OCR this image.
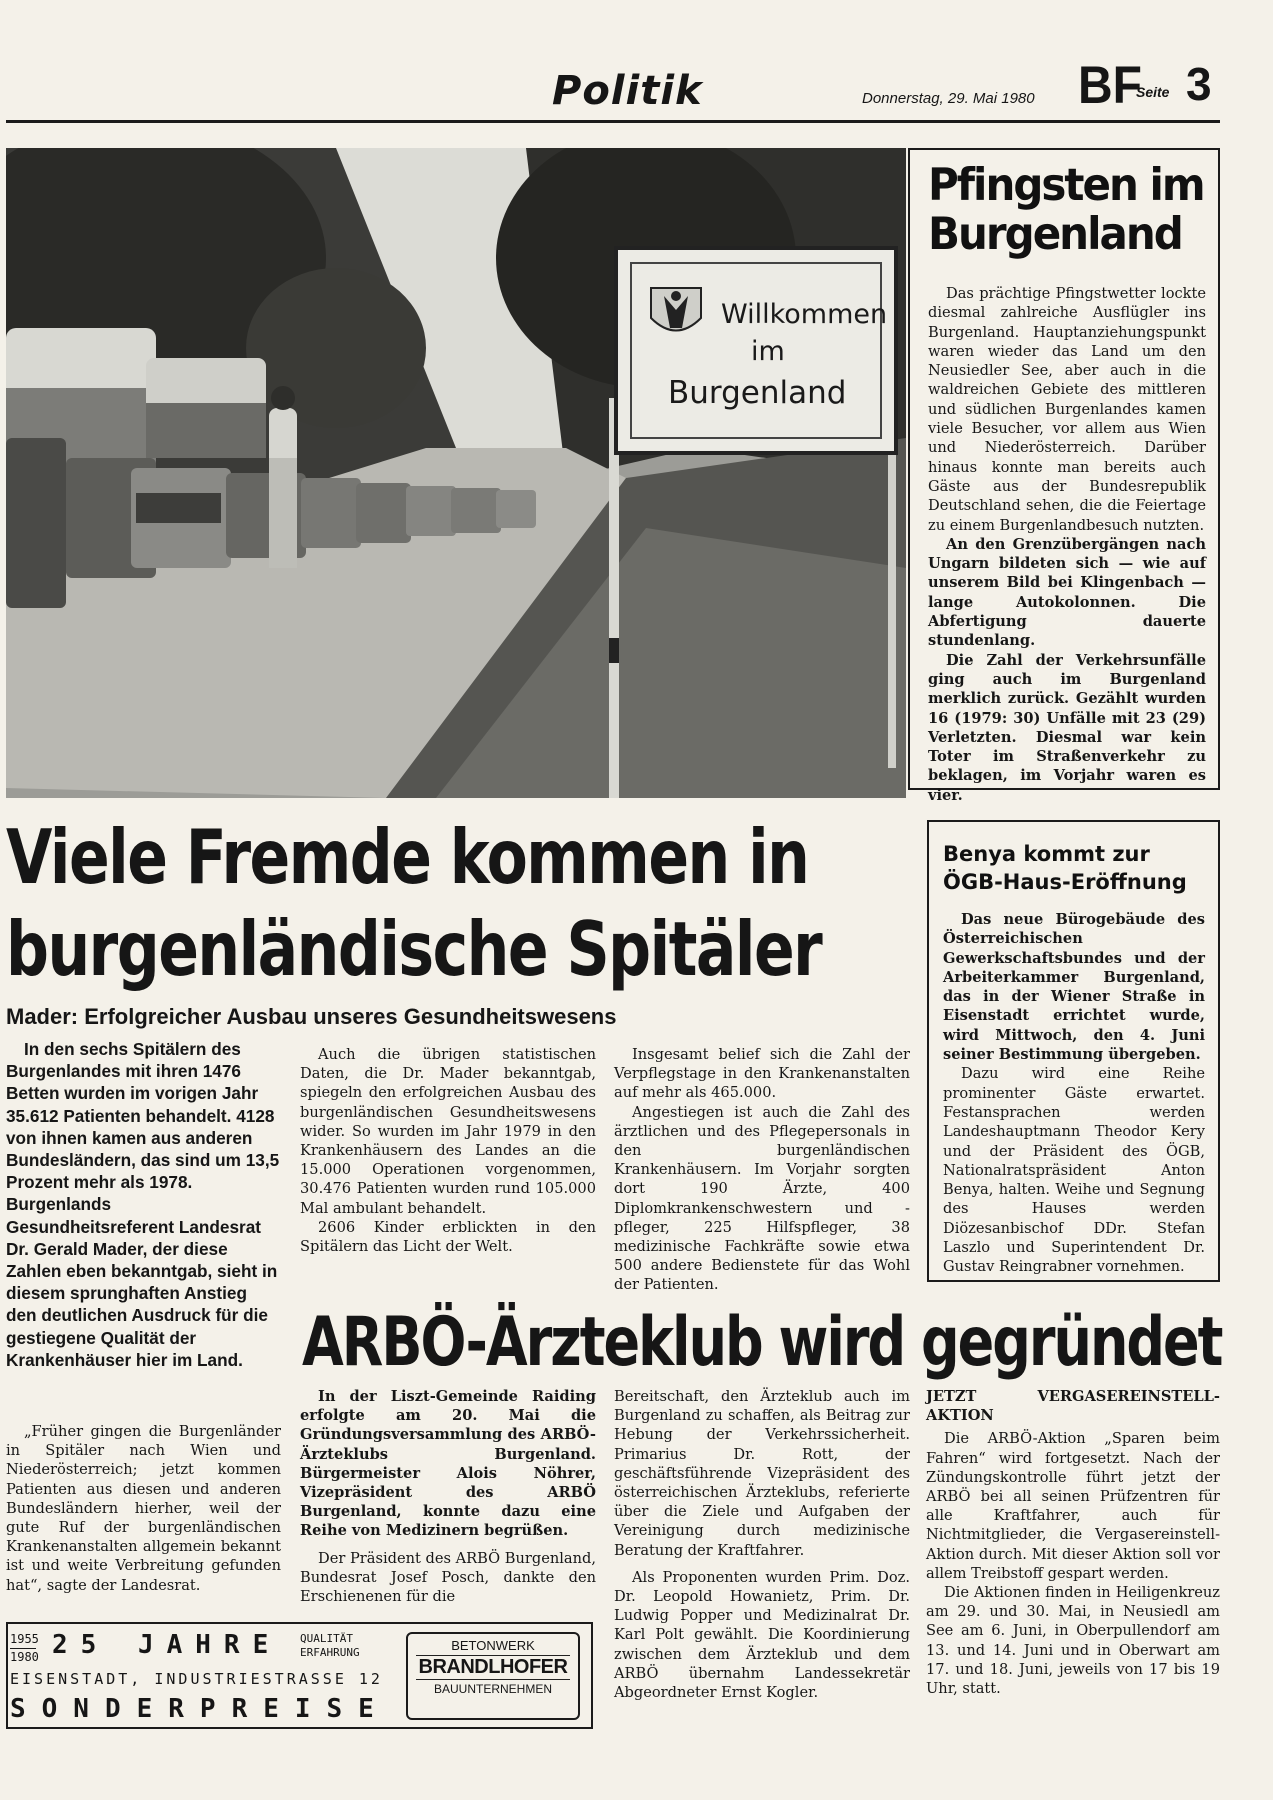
Politik	Donnerstag, 29. Mai 1980 BF
Seite 3
Willkommen
im
Burgenland
Pfingsten im Burgenland

Das prächtige Pfingstwetter lockte diesmal zahlreiche Ausflügler ins Burgenland. Hauptanziehungspunkt waren wieder das Land um den Neusiedler See, aber auch in die waldreichen Gebiete des mittleren und südlichen Burgenlandes kamen viele Besucher, vor allem aus Wien und Niederösterreich. Darüber hinaus konnte man bereits auch Gäste aus der Bundesrepublik Deutschland sehen, die die Feiertage zu einem Burgenlandbesuch nutzten.

An den Grenzübergängen nach Ungarn bildeten sich — wie auf unserem Bild bei Klingenbach — lange Autokolonnen. Die Abfertigung dauerte stundenlang.

Die Zahl der Verkehrsunfälle ging auch im Burgenland merklich zurück. Gezählt wurden 16 (1979: 30) Unfälle mit 23 (29) Verletzten. Diesmal war kein Toter im Straßenverkehr zu beklagen, im Vorjahr waren es vier.

Viele Fremde kommen in
burgenländische Spitäler
Mader: Erfolgreicher Ausbau unseres Gesundheitswesens
Benya kommt zur
ÖGB-Haus-Eröffnung

Das neue Bürogebäude des Österreichischen Gewerkschaftsbundes und der Arbeiterkammer Burgenland, das in der Wiener Straße in Eisenstadt errichtet wurde, wird Mittwoch, den 4. Juni seiner Bestimmung übergeben.

Dazu wird eine Reihe prominenter Gäste erwartet. Festansprachen werden Landeshauptmann Theodor Kery und der Präsident des ÖGB, Nationalratspräsident Anton Benya, halten. Weihe und Segnung des Hauses werden Diözesanbischof DDr. Stefan Laszlo und Superintendent Dr. Gustav Reingrabner vornehmen.

In den sechs Spitälern des Burgenlandes mit ihren 1476 Betten wurden im vorigen Jahr 35.612 Patienten behandelt. 4128 von ihnen kamen aus anderen Bundesländern, das sind um 13,5 Prozent mehr als 1978. Burgenlands Gesundheitsreferent Landesrat Dr. Gerald Mader, der diese Zahlen eben bekanntgab, sieht in diesem sprunghaften Anstieg den deutlichen Ausdruck für die gestiegene Qualität der Krankenhäuser hier im Land.

„Früher gingen die Burgenländer in Spitäler nach Wien und Niederösterreich; jetzt kommen Patienten aus diesen und anderen Bundesländern hierher, weil der gute Ruf der burgenländischen Krankenanstalten allgemein bekannt ist und weite Verbreitung gefunden hat“, sagte der Landesrat.

Auch die übrigen statistischen Daten, die Dr. Mader bekanntgab, spiegeln den erfolgreichen Ausbau des burgenländischen Gesundheitswesens wider. So wurden im Jahr 1979 in den Krankenhäusern des Landes an die 15.000 Operationen vorgenommen, 30.476 Patienten wurden rund 105.000 Mal ambulant behandelt.

2606 Kinder erblickten in den Spitälern das Licht der Welt.

Insgesamt belief sich die Zahl der Verpflegstage in den Krankenanstalten auf mehr als 465.000.

Angestiegen ist auch die Zahl des ärztlichen und des Pflegepersonals in den burgenländischen Krankenhäusern. Im Vorjahr sorgten dort 190 Ärzte, 400 Diplomkrankenschwestern und -pfleger, 225 Hilfspfleger, 38 medizinische Fachkräfte sowie etwa 500 andere Bedienstete für das Wohl der Patienten.

ARBÖ-Ärzteklub wird gegründet

In der Liszt-Gemeinde Raiding erfolgte am 20. Mai die Gründungsversammlung des ARBÖ-Ärzteklubs Burgenland. Bürgermeister Alois Nöhrer, Vizepräsident des ARBÖ Burgenland, konnte dazu eine Reihe von Medizinern begrüßen.

Der Präsident des ARBÖ Burgenland, Bundesrat Josef Posch, dankte den Erschienenen für die

Bereitschaft, den Ärzteklub auch im Burgenland zu schaffen, als Beitrag zur Hebung der Verkehrssicherheit. Primarius Dr. Rott, der geschäftsführende Vizepräsident des österreichischen Ärzteklubs, referierte über die Ziele und Aufgaben der Vereinigung durch medizinische Beratung der Kraftfahrer.

Als Proponenten wurden Prim. Doz. Dr. Leopold Howanietz, Prim. Dr. Ludwig Popper und Medizinalrat Dr. Karl Polt gewählt. Die Koordinierung zwischen dem Ärzteklub und dem ARBÖ übernahm Landessekretär Abgeordneter Ernst Kogler.

JETZT VERGASEREINSTELL-AKTION

Die ARBÖ-Aktion „Sparen beim Fahren“ wird fortgesetzt. Nach der Zündungskontrolle führt jetzt der ARBÖ bei all seinen Prüfzentren für alle Kraftfahrer, auch für Nichtmitglieder, die Vergasereinstell-Aktion durch. Mit dieser Aktion soll vor allem Treibstoff gespart werden.

Die Aktionen finden in Heiligenkreuz am 29. und 30. Mai, in Neusiedl am See am 6. Juni, in Oberpullendorf am 13. und 14. Juni und in Oberwart am 17. und 18. Juni, jeweils von 17 bis 19 Uhr, statt.

1955
1980 25 JAHRE QUALITÄT
ERFAHRUNG
EISENSTADT, INDUSTRIESTRASSE 12
SONDERPREISE
BETONWERK
BRANDLHOFER
BAUUNTERNEHMEN
